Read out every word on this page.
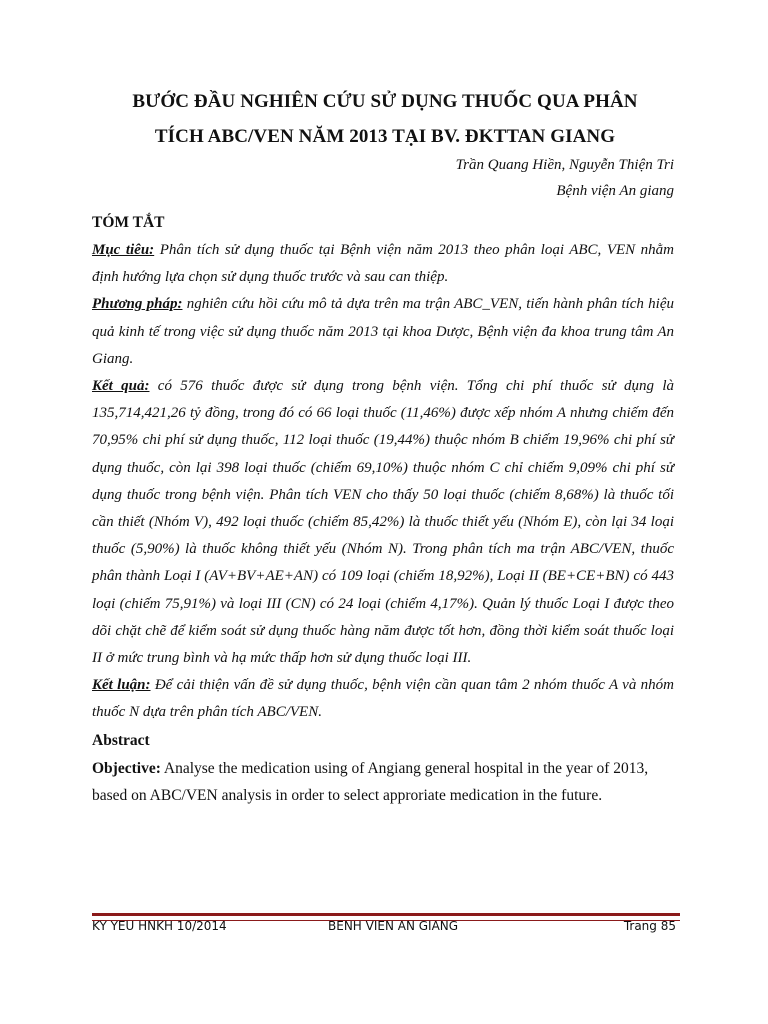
BƯỚC ĐẦU NGHIÊN CỨU SỬ DỤNG THUỐC QUA PHÂN
TÍCH ABC/VEN NĂM 2013 TẠI BV. ĐKTTAN GIANG
Trần Quang Hiền, Nguyễn Thiện Tri
Bệnh viện An giang
TÓM TẮT

Mục tiêu: Phân tích sử dụng thuốc tại Bệnh viện năm 2013 theo phân loại ABC, VEN nhằm định hướng lựa chọn sử dụng thuốc trước và sau can thiệp.

Phương pháp: nghiên cứu hồi cứu mô tả dựa trên ma trận ABC_VEN, tiến hành phân tích hiệu quả kinh tế trong việc sử dụng thuốc năm 2013 tại khoa Dược, Bệnh viện đa khoa trung tâm An Giang.

Kết quả: có 576 thuốc được sử dụng trong bệnh viện. Tổng chi phí thuốc sử dụng là 135,714,421,26 tỷ đồng, trong đó có 66 loại thuốc (11,46%) được xếp nhóm A nhưng chiếm đến 70,95% chi phí sử dụng thuốc, 112 loại thuốc (19,44%) thuộc nhóm B chiếm 19,96% chi phí sử dụng thuốc, còn lại 398 loại thuốc (chiếm 69,10%) thuộc nhóm C chỉ chiếm 9,09% chi phí sử dụng thuốc trong bệnh viện. Phân tích VEN cho thấy 50 loại thuốc (chiếm 8,68%) là thuốc tối cần thiết (Nhóm V), 492 loại thuốc (chiếm 85,42%) là thuốc thiết yếu (Nhóm E), còn lại 34 loại thuốc (5,90%) là thuốc không thiết yếu (Nhóm N). Trong phân tích ma trận ABC/VEN, thuốc phân thành Loại I (AV+BV+AE+AN) có 109 loại (chiếm 18,92%), Loại II (BE+CE+BN) có 443 loại (chiếm 75,91%) và loại III (CN) có 24 loại (chiếm 4,17%). Quản lý thuốc Loại I được theo dõi chặt chẽ để kiểm soát sử dụng thuốc hàng năm được tốt hơn, đồng thời kiểm soát thuốc loại II ở mức trung bình và hạ mức thấp hơn sử dụng thuốc loại III.

Kết luận: Để cải thiện vấn đề sử dụng thuốc, bệnh viện cần quan tâm 2 nhóm thuốc A và nhóm thuốc N dựa trên phân tích ABC/VEN.

Abstract

Objective: Analyse the medication using of Angiang general hospital in the year of 2013, based on ABC/VEN analysis in order to select approriate medication in the future.

KY YEU HNKH 10/2014	BENH VIEN AN GIANG	Trang 85
